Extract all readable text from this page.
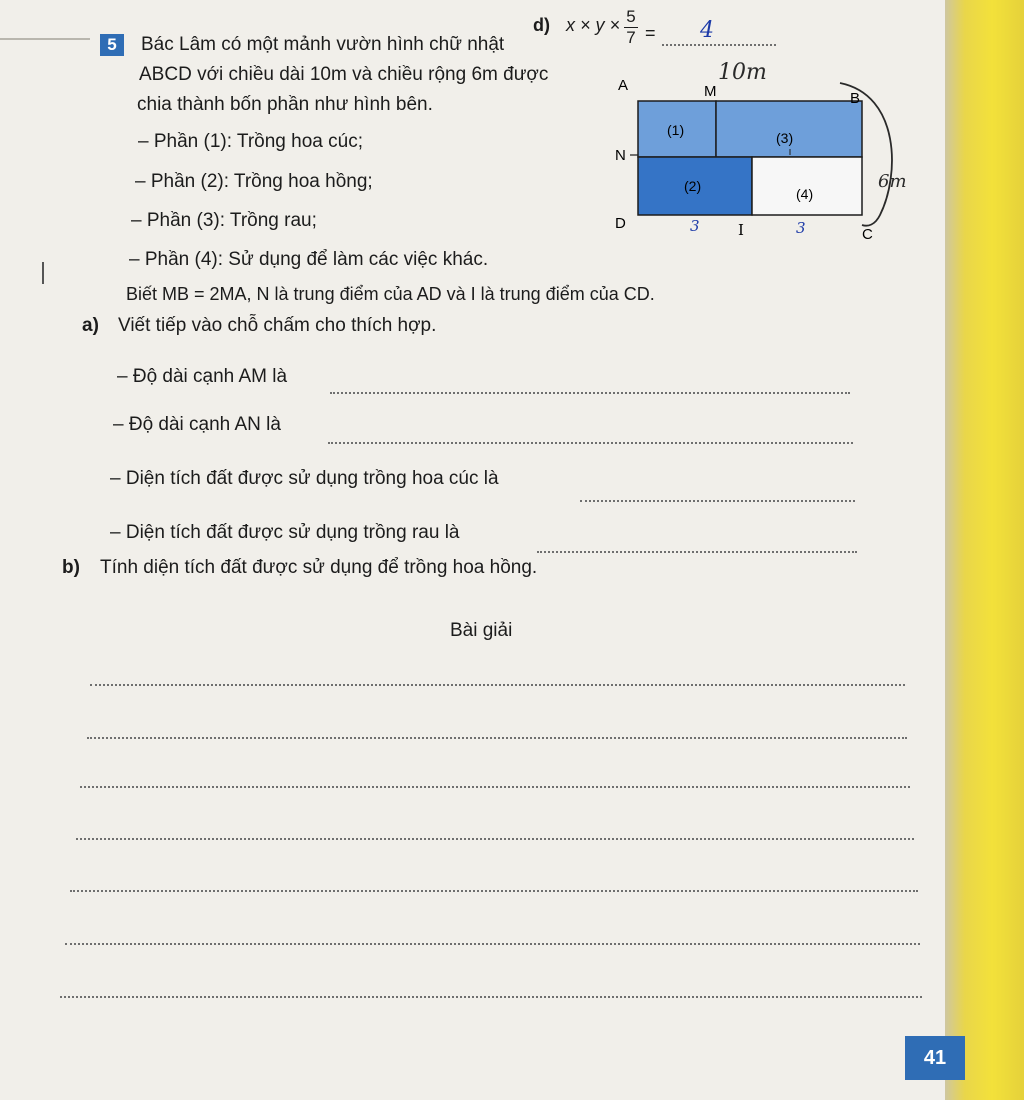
d) x × y × 5
7 = 4
5	Bác Lâm có một mảnh vườn hình chữ nhật
ABCD với chiều dài 10m và chiều rộng 6m được
chia thành bốn phần như hình bên.
– Phần (1): Trồng hoa cúc;
– Phần (2): Trồng hoa hồng;
– Phần (3): Trồng rau;
– Phần (4): Sử dụng để làm các việc khác.
Biết MB = 2MA, N là trung điểm của AD và I là trung điểm của CD.
a) Viết tiếp vào chỗ chấm cho thích hợp.
– Độ dài cạnh AM là
– Độ dài cạnh AN là
– Diện tích đất được sử dụng trồng hoa cúc là
– Diện tích đất được sử dụng trồng rau là
b) Tính diện tích đất được sử dụng để trồng hoa hồng.
Bài giải
A	M	B
N
D	I	C
(1)	(3)
(2)	(4)
10m
6m
3	3
41
